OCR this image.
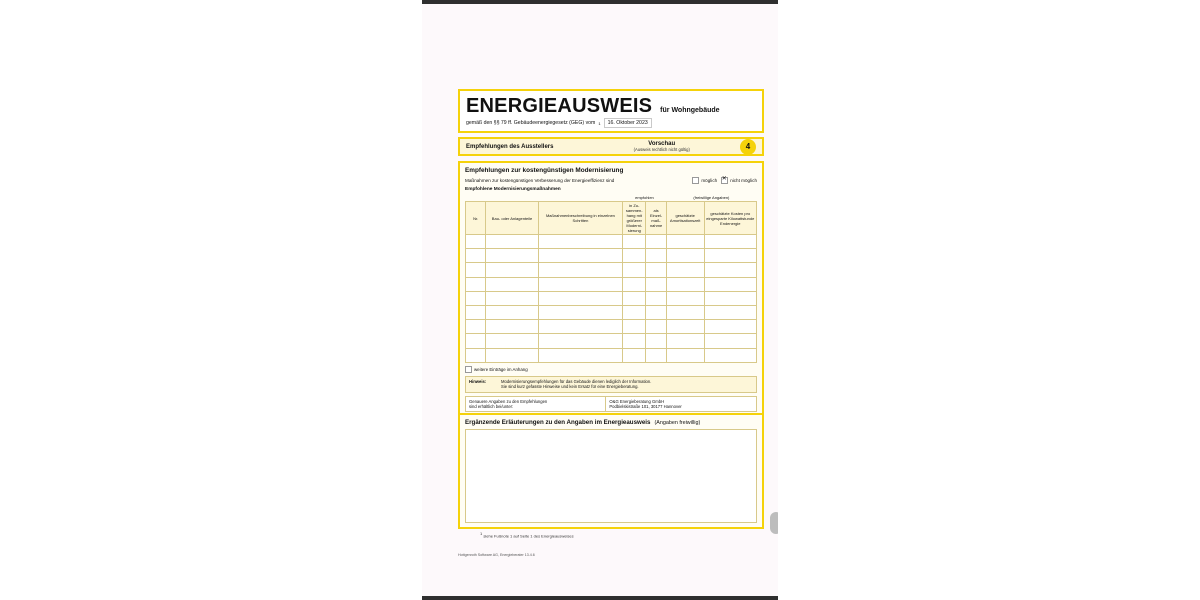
ENERGIEAUSWEIS für Wohngebäude
gemäß den §§ 79 ff. Gebäudeenergiegesetz (GEG) vom 1	16. Oktober 2023
Empfehlungen des Ausstellers	Vorschau
(Ausweis rechtlich nicht gültig)	4
Empfehlungen zur kostengünstigen Modernisierung
Maßnahmen zur kostengünstigen Verbesserung der Energieeffizienz sind	möglich ✕	nicht möglich
Empfohlene Modernisierungsmaßnahmen
			empfohlen		(freiwillige Angaben)	
Nr.	Bau- oder Anlagenteile	Maßnahmenbeschreibung in einzelnen Schritten	in Zusammenhang mit größerer Modernisierung	als Einzelmaßnahme	geschätzte Amortisationszeit	geschätzte Kosten pro eingesparte Kilowattstunde Endenergie

weitere Einträge im Anhang
Hinweis:	Modernisierungsempfehlungen für das Gebäude dienen lediglich der Information.
Sie sind kurz gefasste Hinweise und kein Ersatz für eine Energieberatung.
Genauere Angaben zu den Empfehlungen
sind erhältlich bei/unter:
O&G Energieberatung GmbH
Podbielskistraße 101, 30177 Hannover
Ergänzende Erläuterungen zu den Angaben im Energieausweis (Angaben freiwillig)
1 siehe Fußnote 1 auf Seite 1 des Energieausweises
Hottgenroth Software AG, Energieberater 13.4.6
